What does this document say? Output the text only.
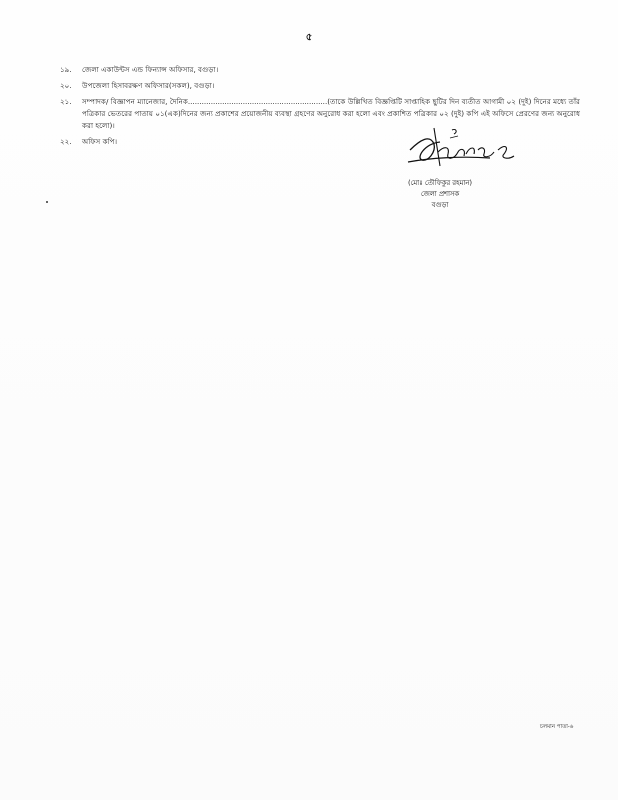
৫
১৯.	জেলা একাউন্টস এন্ড ফিন্যান্স অফিসার, বগুড়া।
২০.	উপজেলা হিসাবরক্ষণ অফিসার(সকল), বগুড়া।
২১.	সম্পাদক/ বিজ্ঞাপন ম্যানেজার, দৈনিক.............................................................(তাকে উল্লিখিত বিজ্ঞপ্তিটি সাপ্তাহিক ছুটির দিন ব্যতীত আগামী ০২ (দুই) দিনের মধ্যে তাঁর পত্রিকার ভেতরের পাতায় ০১(এক)দিনের জন্য প্রকাশের প্রয়োজনীয় ব্যবস্থা গ্রহণের অনুরোধ করা হলো এবং প্রকাশিত পত্রিকার ০২ (দুই) কপি এই অফিসে প্রেরণের জন্য অনুরোধ করা হলো)।
২২.	অফিস কপি।
(মোঃ তৌফিকুর রহমান)
জেলা প্রশাসক
বগুড়া
চলমান পাতা-৬
